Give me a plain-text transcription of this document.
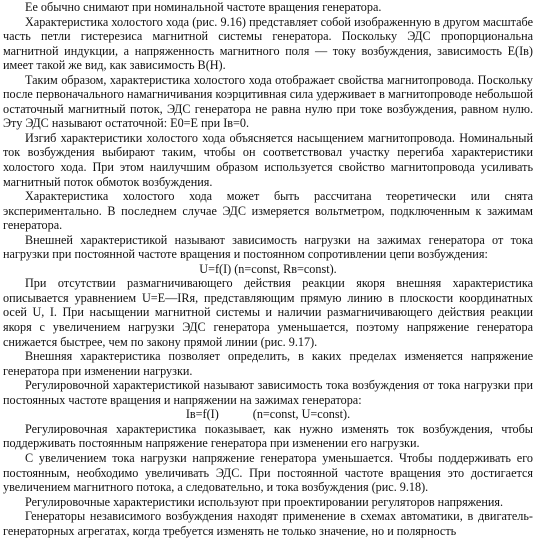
Ее обычно снимают при номинальной частоте вращения генератора.

Характеристика холостого хода (рис. 9.16) представляет собой изображенную в другом масштабе часть петли гистерезиса магнитной системы генератора. Поскольку ЭДС пропорциональна магнитной индукции, а напряженность магнитного поля — току возбуждения, зависимость E(Iв) имеет такой же вид, как зависимость B(H).

Таким образом, характеристика холостого хода отображает свойства магнитопровода. Поскольку после первоначального намагничивания коэрцитивная сила удерживает в магнитопроводе небольшой остаточный магнитный поток, ЭДС генератора не равна нулю при токе возбуждения, равном нулю. Эту ЭДС называют остаточной: E0=E при Iв=0.

Изгиб характеристики холостого хода объясняется насыщением магнитопровода. Номинальный ток возбуждения выбирают таким, чтобы он соответствовал участку перегиба характеристики холостого хода. При этом наилучшим образом используется свойство магнитопровода усиливать магнитный поток обмоток возбуждения.

Характеристика холостого хода может быть рассчитана теоретически или снята экспериментально. В последнем случае ЭДС измеряется вольтметром, подключенным к зажимам генератора.

Внешней характеристикой называют зависимость нагрузки на зажимах генератора от тока нагрузки при постоянной частоте вращения и постоянном сопротивлении цепи возбуждения:

U=f(I) (n=const, Rв=const).

При отсутствии размагничивающего действия реакции якоря внешняя характеристика описывается уравнением U=E—IRя, представляющим прямую линию в плоскости координатных осей U, I. При насыщении магнитной системы и наличии размагничивающего действия реакции якоря с увеличением нагрузки ЭДС генератора уменьшается, поэтому напряжение генератора снижается быстрее, чем по закону прямой линии (рис. 9.17).

Внешняя характеристика позволяет определить, в каких пределах изменяется напряжение генератора при изменении нагрузки.

Регулировочной характеристикой называют зависимость тока возбуждения от тока нагрузки при постоянных частоте вращения и напряжении на зажимах генератора:

Iв=f(I)	(n=const, U=const).

Регулировочная характеристика показывает, как нужно изменять ток возбуждения, чтобы поддерживать постоянным напряжение генератора при изменении его нагрузки.

С увеличением тока нагрузки напряжение генератора уменьшается. Чтобы поддерживать его постоянным, необходимо увеличивать ЭДС. При постоянной частоте вращения это достигается увеличением магнитного потока, а следовательно, и тока возбуждения (рис. 9.18).

Регулировочные характеристики используют при проектировании регуляторов напряжения.

Генераторы независимого возбуждения находят применение в схемах автоматики, в двигатель-генераторных агрегатах, когда требуется изменять не только значение, но и полярность
